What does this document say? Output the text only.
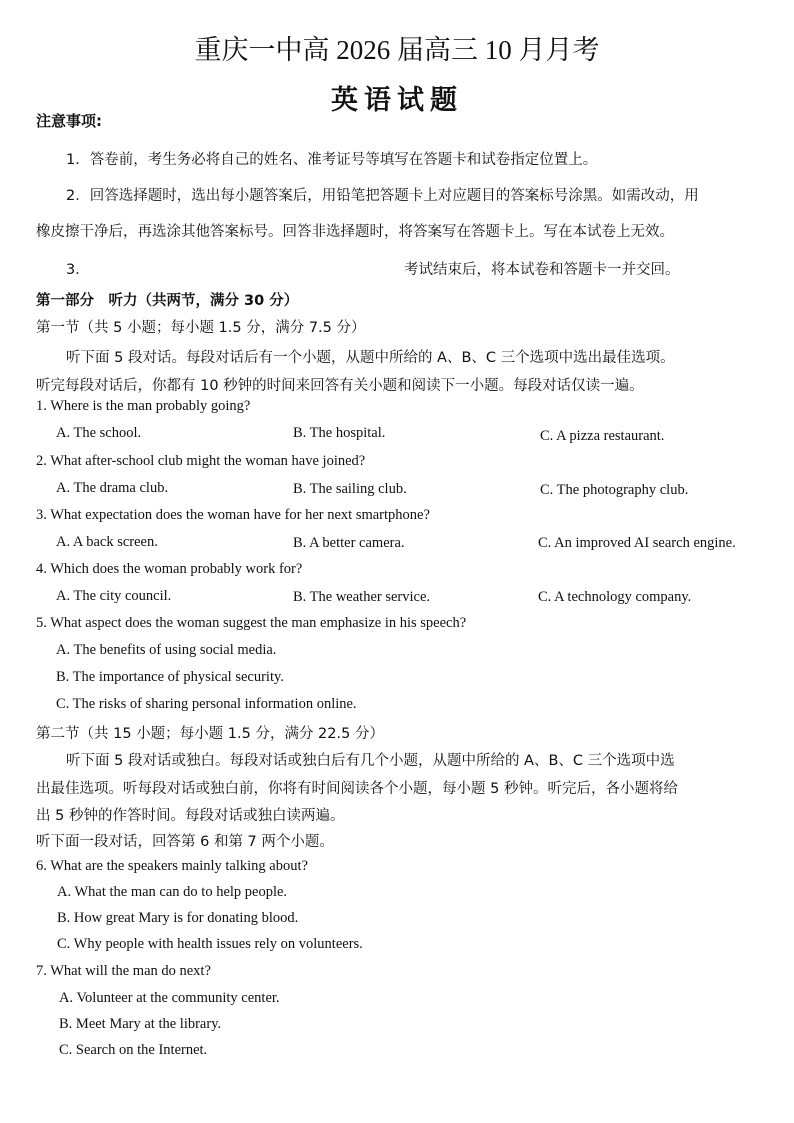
重庆一中高 2026 届高三 10 月月考
英语试题
注意事项:
1．答卷前，考生务必将自己的姓名、准考证号等填写在答题卡和试卷指定位置上。
2．回答选择题时，选出每小题答案后，用铅笔把答题卡上对应题目的答案标号涂黑。如需改动，用
橡皮擦干净后，再选涂其他答案标号。回答非选择题时，将答案写在答题卡上。写在本试卷上无效。
3．	考试结束后，将本试卷和答题卡一并交回。
第一部分　听力（共两节，满分 30 分）
第一节（共 5 小题；每小题 1.5 分，满分 7.5 分）
听下面 5 段对话。每段对话后有一个小题，从题中所给的 A、B、C 三个选项中选出最佳选项。
听完每段对话后，你都有 10 秒钟的时间来回答有关小题和阅读下一小题。每段对话仅读一遍。
1. Where is the man probably going?
A. The school.	B. The hospital.	C. A pizza restaurant.
2. What after-school club might the woman have joined?
A. The drama club.	B. The sailing club.	C. The photography club.
3. What expectation does the woman have for her next smartphone?
A. A back screen.	B. A better camera.	C. An improved AI search engine.
4. Which does the woman probably work for?
A. The city council.	B. The weather service.	C. A technology company.
5. What aspect does the woman suggest the man emphasize in his speech?
A. The benefits of using social media.
B. The importance of physical security.
C. The risks of sharing personal information online.
第二节（共 15 小题；每小题 1.5 分，满分 22.5 分）
听下面 5 段对话或独白。每段对话或独白后有几个小题，从题中所给的 A、B、C 三个选项中选
出最佳选项。听每段对话或独白前，你将有时间阅读各个小题，每小题 5 秒钟。听完后，各小题将给
出 5 秒钟的作答时间。每段对话或独白读两遍。
听下面一段对话，回答第 6 和第 7 两个小题。
6. What are the speakers mainly talking about?
A. What the man can do to help people.
B. How great Mary is for donating blood.
C. Why people with health issues rely on volunteers.
7. What will the man do next?
A. Volunteer at the community center.
B. Meet Mary at the library.
C. Search on the Internet.
